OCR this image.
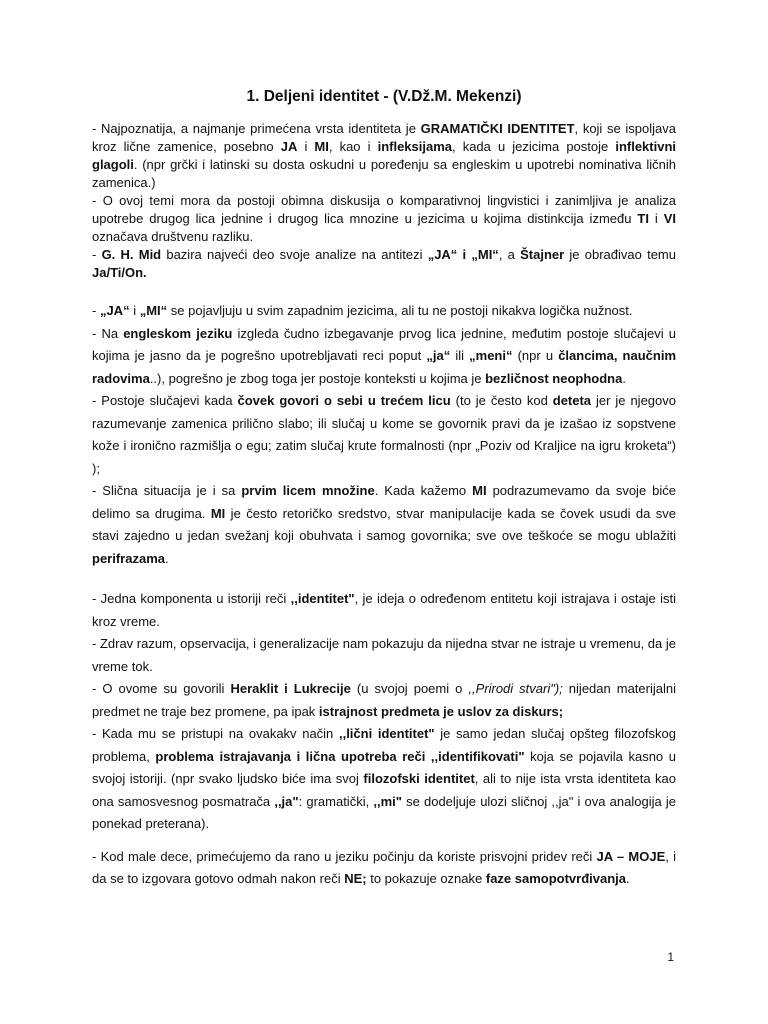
1. Deljeni identitet - (V.Dž.M. Mekenzi)

- Najpoznatija, a najmanje primećena vrsta identiteta je GRAMATIČKI IDENTITET, koji se ispoljava kroz lične zamenice, posebno JA i MI, kao i infleksijama, kada u jezicima postoje inflektivni glagoli. (npr grčki i latinski su dosta oskudni u poređenju sa engleskim u upotrebi nominativa ličnih zamenica.)

- O ovoj temi mora da postoji obimna diskusija o komparativnoj lingvistici i zanimljiva je analiza upotrebe drugog lica jednine i drugog lica mnozine u jezicima u kojima distinkcija između TI i VI označava društvenu razliku.

- G. H. Mid bazira najveći deo svoje analize na antitezi „JA“ i „MI“, a Štajner je obrađivao temu Ja/Ti/On.

- „JA“ i „MI“ se pojavljuju u svim zapadnim jezicima, ali tu ne postoji nikakva logička nužnost.

- Na engleskom jeziku izgleda čudno izbegavanje prvog lica jednine, međutim postoje slučajevi u kojima je jasno da je pogrešno upotrebljavati reci poput „ja“ ili „meni“ (npr u člancima, naučnim radovima..), pogrešno je zbog toga jer postoje konteksti u kojima je bezličnost neophodna.

- Postoje slučajevi kada čovek govori o sebi u trećem licu (to je često kod deteta jer je njegovo razumevanje zamenica prilično slabo; ili slučaj u kome se govornik pravi da je izašao iz sopstvene kože i ironično razmišlja o egu; zatim slučaj krute formalnosti (npr „Poziv od Kraljice na igru kroketa“) );

- Slična situacija je i sa prvim licem množine. Kada kažemo MI podrazumevamo da svoje biće delimo sa drugima. MI je često retoričko sredstvo, stvar manipulacije kada se čovek usudi da sve stavi zajedno u jedan svežanj koji obuhvata i samog govornika; sve ove teškoće se mogu ublažiti perifrazama.

- Jedna komponenta u istoriji reči ,,identitet", je ideja o određenom entitetu koji istrajava i ostaje isti kroz vreme.

- Zdrav razum, opservacija, i generalizacije nam pokazuju da nijedna stvar ne istraje u vremenu, da je vreme tok.

- O ovome su govorili Heraklit i Lukrecije (u svojoj poemi o ,,Prirodi stvari"); nijedan materijalni predmet ne traje bez promene, pa ipak istrajnost predmeta je uslov za diskurs;

- Kada mu se pristupi na ovakakv način ,,lični identitet" je samo jedan slučaj opšteg filozofskog problema, problema istrajavanja i lična upotreba reči ,,identifikovati" koja se pojavila kasno u svojoj istoriji. (npr svako ljudsko biće ima svoj filozofski identitet, ali to nije ista vrsta identiteta kao ona samosvesnog posmatrača ,,ja": gramatički, ,,mi" se dodeljuje ulozi sličnoj ,,ja" i ova analogija je ponekad preterana).

- Kod male dece, primećujemo da rano u jeziku počinju da koriste prisvojni pridev reči JA – MOJE, i da se to izgovara gotovo odmah nakon reči NE; to pokazuje oznake faze samopotvrđivanja.

1
